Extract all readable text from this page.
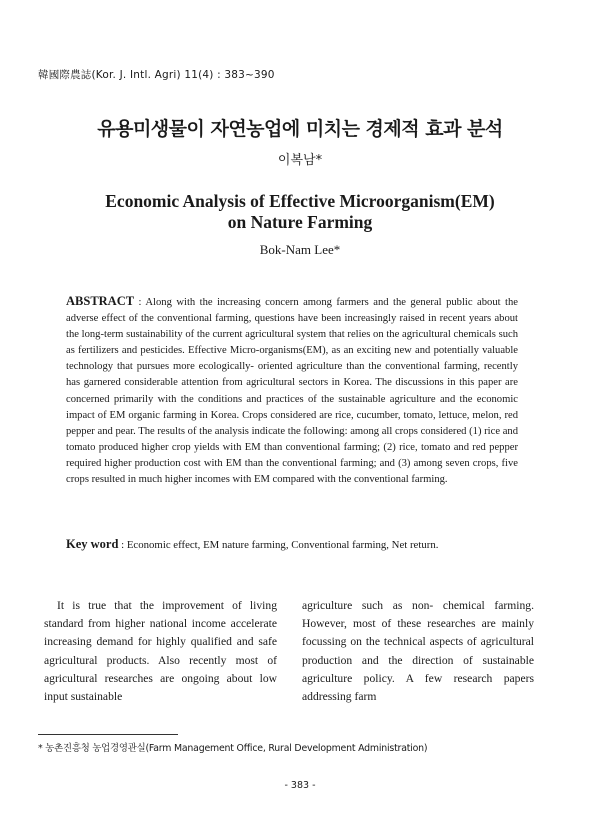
韓國際農誌(Kor. J. Intl. Agri) 11(4) : 383~390
유용미생물이 자연농업에 미치는 경제적 효과 분석
이복남*
Economic Analysis of Effective Microorganism(EM)
on Nature Farming
Bok-Nam Lee*
ABSTRACT : Along with the increasing concern among farmers and the general public about the adverse effect of the conventional farming, questions have been increasingly raised in recent years about the long-term sustainability of the current agricultural system that relies on the agricultural chemicals such as fertilizers and pesticides. Effective Micro-organisms(EM), as an exciting new and potentially valuable technology that pursues more ecologically- oriented agriculture than the conventional farming, recently has garnered considerable attention from agricultural sectors in Korea. The discussions in this paper are concerned primarily with the conditions and practices of the sustainable agriculture and the economic impact of EM organic farming in Korea. Crops considered are rice, cucumber, tomato, lettuce, melon, red pepper and pear. The results of the analysis indicate the following: among all crops considered (1) rice and tomato produced higher crop yields with EM than conventional farming; (2) rice, tomato and red pepper required higher production cost with EM than the conventional farming; and (3) among seven crops, five crops resulted in much higher incomes with EM compared with the conventional farming.
Key word : Economic effect, EM nature farming, Conventional farming, Net return.
It is true that the improvement of living standard from higher national income accelerate increasing demand for highly qualified and safe agricultural products. Also recently most of agricultural researches are ongoing about low input sustainable
agriculture such as non- chemical farming. However, most of these researches are mainly focussing on the technical aspects of agricultural production and the direction of sustainable agriculture policy. A few research papers addressing farm
* 농촌진흥청 농업경영관실(Farm Management Office, Rural Development Administration)
- 383 -
